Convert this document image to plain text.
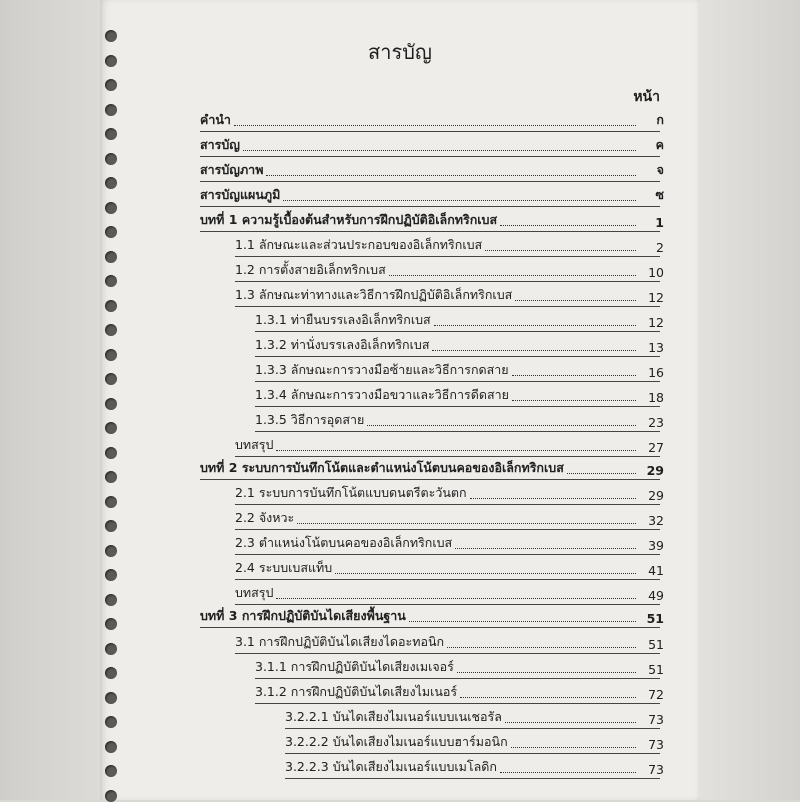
สารบัญ
หน้า
คำนำ	ก
สารบัญ	ค
สารบัญภาพ	จ
สารบัญแผนภูมิ	ซ
บทที่ 1 ความรู้เบื้องต้นสำหรับการฝึกปฏิบัติอิเล็กทริกเบส	1
1.1 ลักษณะและส่วนประกอบของอิเล็กทริกเบส	2
1.2 การตั้งสายอิเล็กทริกเบส	10
1.3 ลักษณะท่าทางและวิธีการฝึกปฏิบัติอิเล็กทริกเบส	12
1.3.1 ท่ายืนบรรเลงอิเล็กทริกเบส	12
1.3.2 ท่านั่งบรรเลงอิเล็กทริกเบส	13
1.3.3 ลักษณะการวางมือซ้ายและวิธีการกดสาย	16
1.3.4 ลักษณะการวางมือขวาและวิธีการดีดสาย	18
1.3.5 วิธีการอุดสาย	23
บทสรุป	27
บทที่ 2 ระบบการบันทึกโน้ตและตำแหน่งโน้ตบนคอของอิเล็กทริกเบส	29
2.1 ระบบการบันทึกโน้ตแบบดนตรีตะวันตก	29
2.2 จังหวะ	32
2.3 ตำแหน่งโน้ตบนคอของอิเล็กทริกเบส	39
2.4 ระบบเบสแท็บ	41
บทสรุป	49
บทที่ 3 การฝึกปฏิบัติบันไดเสียงพื้นฐาน	51
3.1 การฝึกปฏิบัติบันไดเสียงไดอะทอนิก	51
3.1.1 การฝึกปฏิบัติบันไดเสียงเมเจอร์	51
3.1.2 การฝึกปฏิบัติบันไดเสียงไมเนอร์	72
3.2.2.1 บันไดเสียงไมเนอร์แบบเนเชอรัล	73
3.2.2.2 บันไดเสียงไมเนอร์แบบฮาร์มอนิก	73
3.2.2.3 บันไดเสียงไมเนอร์แบบเมโลดิก	73
